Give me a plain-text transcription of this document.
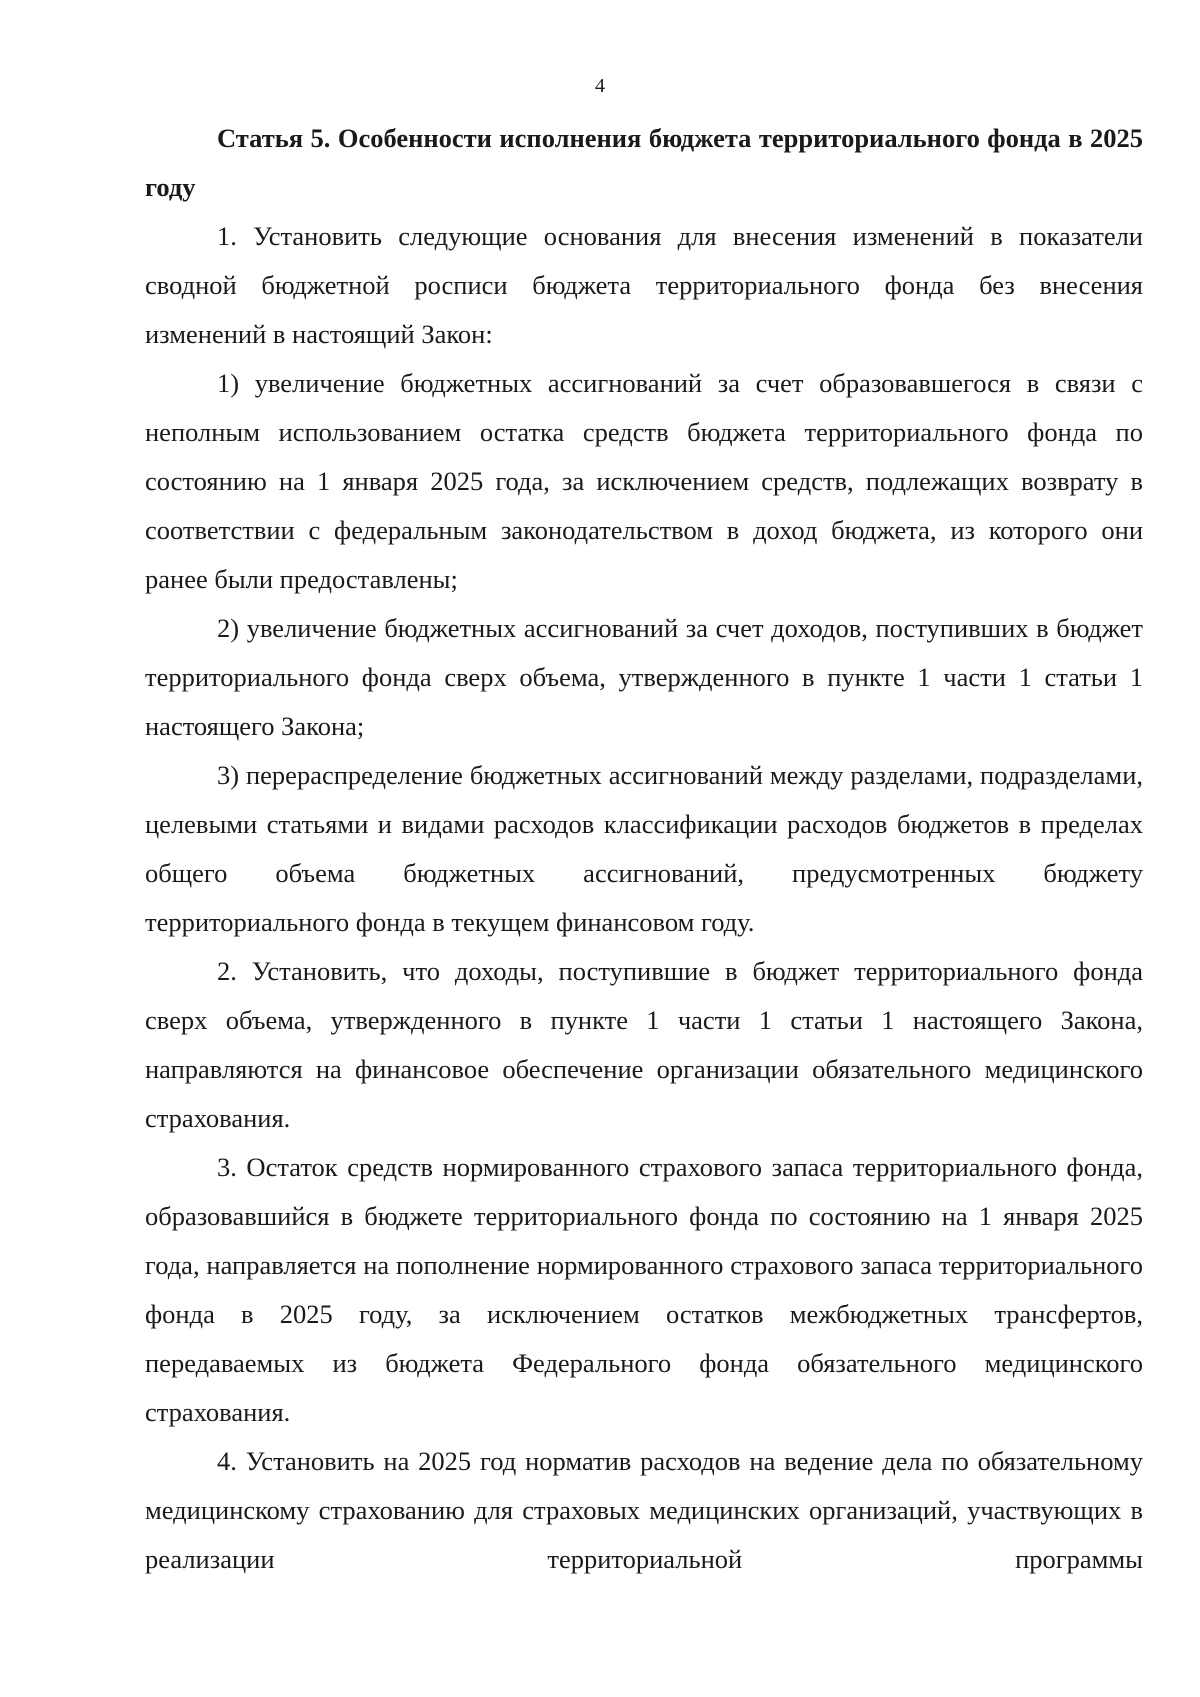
4

Статья 5. Особенности исполнения бюджета территориального фонда в 2025 году

1. Установить следующие основания для внесения изменений в показатели сводной бюджетной росписи бюджета территориального фонда без внесения изменений в настоящий Закон:

1) увеличение бюджетных ассигнований за счет образовавшегося в связи с неполным использованием остатка средств бюджета территориального фонда по состоянию на 1 января 2025 года, за исключением средств, подлежащих возврату в соответствии с федеральным законодательством в доход бюджета, из которого они ранее были предоставлены;

2) увеличение бюджетных ассигнований за счет доходов, поступивших в бюджет территориального фонда сверх объема, утвержденного в пункте 1 части 1 статьи 1 настоящего Закона;

3) перераспределение бюджетных ассигнований между разделами, подразделами, целевыми статьями и видами расходов классификации расходов бюджетов в пределах общего объема бюджетных ассигнований, предусмотренных бюджету территориального фонда в текущем финансовом году.

2. Установить, что доходы, поступившие в бюджет территориального фонда сверх объема, утвержденного в пункте 1 части 1 статьи 1 настоящего Закона, направляются на финансовое обеспечение организации обязательного медицинского страхования.

3. Остаток средств нормированного страхового запаса территориального фонда, образовавшийся в бюджете территориального фонда по состоянию на 1 января 2025 года, направляется на пополнение нормированного страхового запаса территориального фонда в 2025 году, за исключением остатков межбюджетных трансфертов, передаваемых из бюджета Федерального фонда обязательного медицинского страхования.

4. Установить на 2025 год норматив расходов на ведение дела по обязательному медицинскому страхованию для страховых медицинских организаций, участвующих в реализации территориальной программы
